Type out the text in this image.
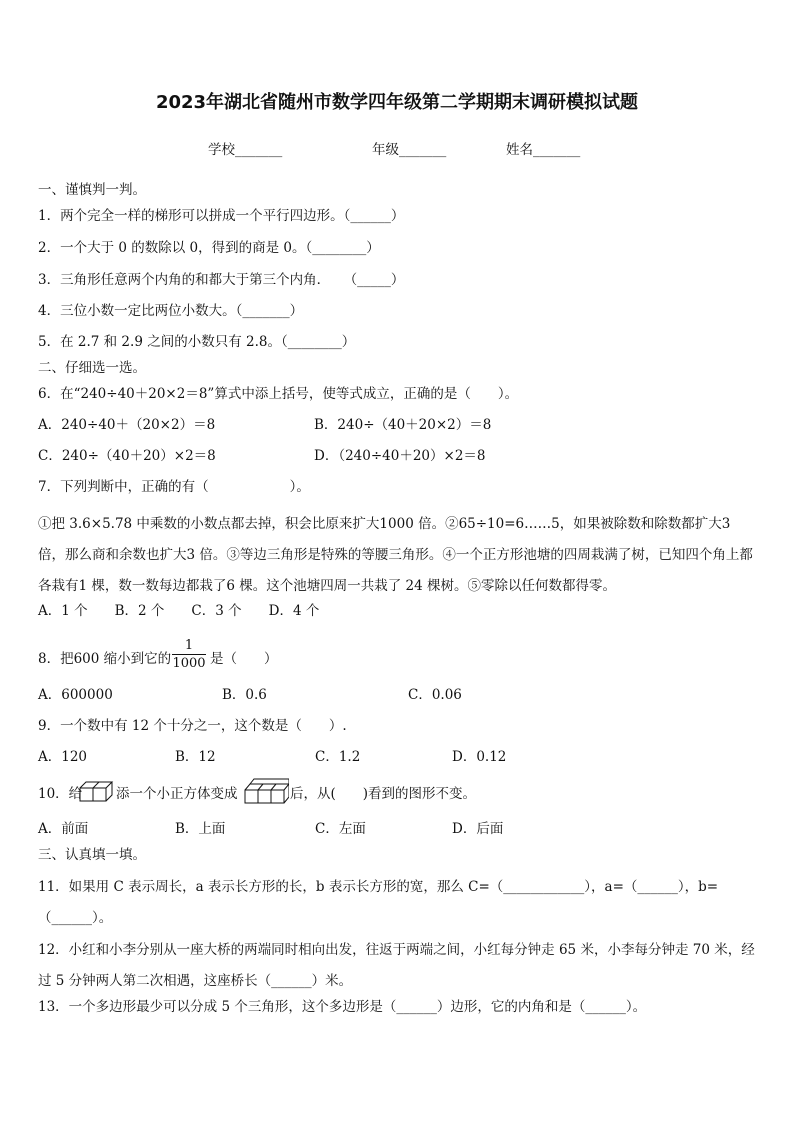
2023年湖北省随州市数学四年级第二学期期末调研模拟试题
学校_______	年级_______	姓名_______
一、谨慎判一判。
1．两个完全一样的梯形可以拼成一个平行四边形。（______）
2．一个大于 0 的数除以 0，得到的商是 0。（________）
3．三角形任意两个内角的和都大于第三个内角．　　（_____）
4．三位小数一定比两位小数大。（_______）
5．在 2.7 和 2.9 之间的小数只有 2.8。（________）
二、仔细选一选。
6．在“240÷40＋20×2＝8”算式中添上括号，使等式成立，正确的是（　　）。
A．240÷40＋（20×2）＝8	B．240÷（40＋20×2）＝8
C．240÷（40＋20）×2＝8	D．（240÷40＋20）×2＝8
7．下列判断中，正确的有（　　　　　　）。
①把 3.6×5.78 中乘数的小数点都去掉，积会比原来扩大1000 倍。②65÷10=6……5，如果被除数和除数都扩大3 倍，那么商和余数也扩大3 倍。③等边三角形是特殊的等腰三角形。④一个正方形池塘的四周栽满了树，已知四个角上都各栽有1 棵，数一数每边都栽了6 棵。这个池塘四周一共栽了 24 棵树。⑤零除以任何数都得零。
A．1 个　　B．2 个　　C．3 个　　D．4 个
8．把600 缩小到它的
1
1000 是（　　）
A．600000	B．0.6	C．0.06
9．一个数中有 12 个十分之一，这个数是（　　）.
A．120	B．12	C．1.2	D．0.12
10．给	添一个小正方体变成	后，从(　　)看到的图形不变。
A．前面	B．上面	C．左面	D．后面
三、认真填一填。
11．如果用 C 表示周长，a 表示长方形的长，b 表示长方形的宽，那么 C=（____________），a=（______），b=（______）。
12．小红和小李分别从一座大桥的两端同时相向出发，往返于两端之间，小红每分钟走 65 米，小李每分钟走 70 米，经过 5 分钟两人第二次相遇，这座桥长（______）米。
13．一个多边形最少可以分成 5 个三角形，这个多边形是（______）边形，它的内角和是（______）。
